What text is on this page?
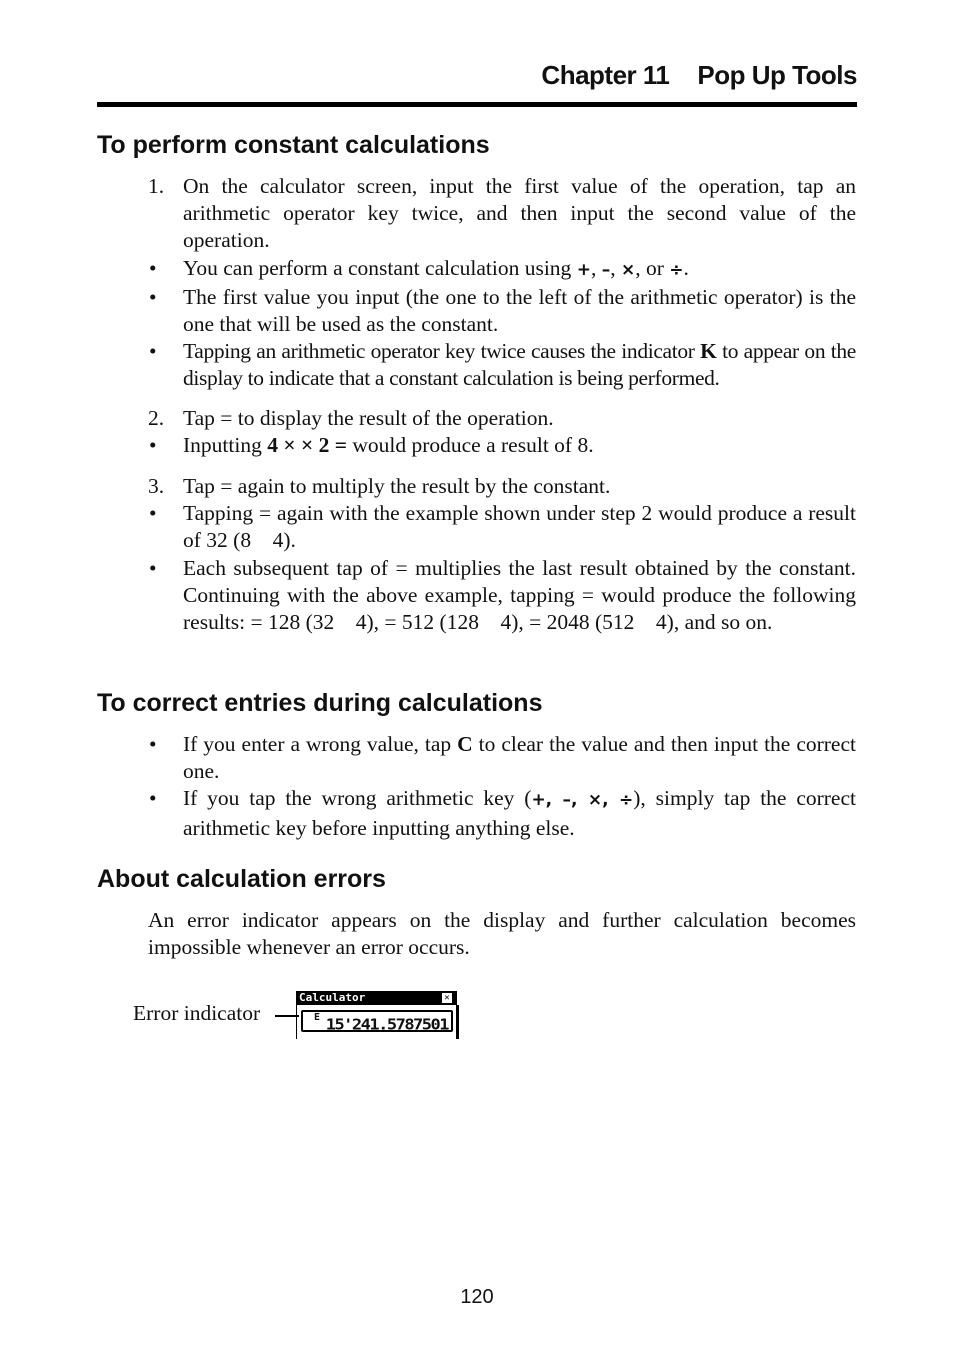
Chapter 11 Pop Up Tools
To perform constant calculations
1. On the calculator screen, input the first value of the operation, tap an arithmetic operator key twice, and then input the second value of the operation.
• You can perform a constant calculation using +, –, ×, or ÷.
• The first value you input (the one to the left of the arithmetic operator) is the one that will be used as the constant.
• Tapping an arithmetic operator key twice causes the indicator K to appear on the display to indicate that a constant calculation is being performed.
2. Tap = to display the result of the operation.
• Inputting 4 × × 2 = would produce a result of 8.
3. Tap = again to multiply the result by the constant.
• Tapping = again with the example shown under step 2 would produce a result of 32 (8    4).
• Each subsequent tap of = multiplies the last result obtained by the constant. Continuing with the above example, tapping = would produce the following results: = 128 (32    4), = 512 (128    4), = 2048 (512    4), and so on.
To correct entries during calculations
• If you enter a wrong value, tap C to clear the value and then input the correct one.
• If you tap the wrong arithmetic key (+, –, ×, ÷), simply tap the correct arithmetic key before inputting anything else.
About calculation errors
An error indicator appears on the display and further calculation becomes impossible whenever an error occurs.
Error indicator
Calculator	✕
E 15'241.5787501
120
